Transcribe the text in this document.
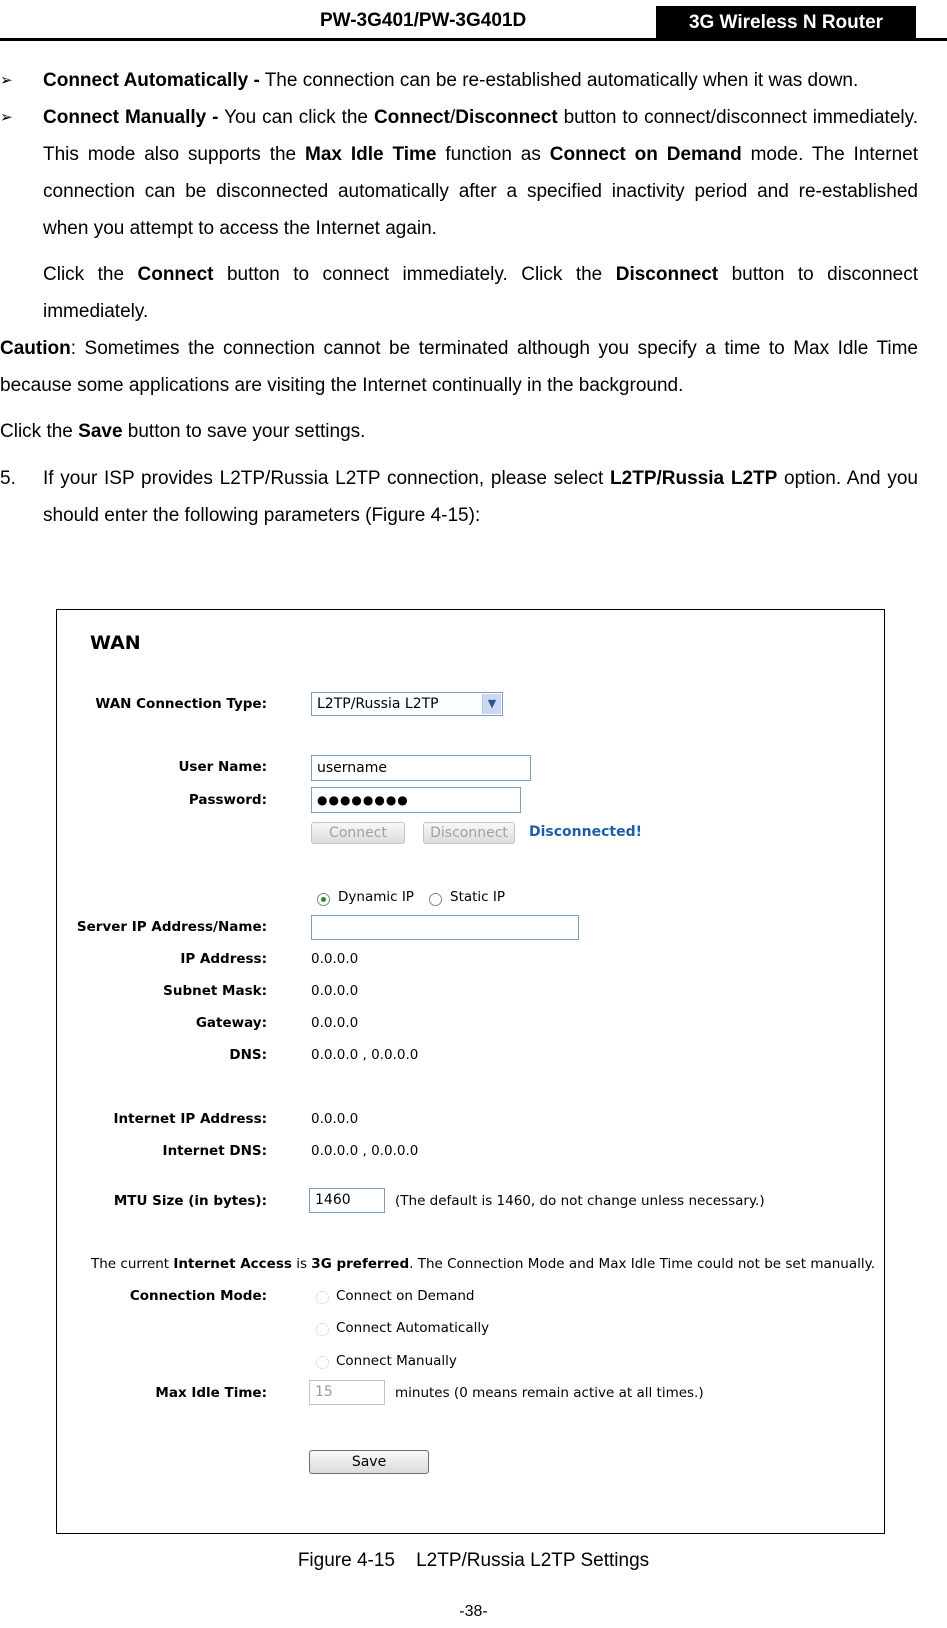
PW-3G401/PW-3G401D	3G Wireless N Router
➢ Connect Automatically - The connection can be re-established automatically when it was down.
➢ Connect Manually - You can click the Connect/Disconnect button to connect/disconnect immediately. This mode also supports the Max Idle Time function as Connect on Demand mode. The Internet connection can be disconnected automatically after a specified inactivity period and re-established when you attempt to access the Internet again.
Click the Connect button to connect immediately. Click the Disconnect button to disconnect immediately.
Caution: Sometimes the connection cannot be terminated although you specify a time to Max Idle Time because some applications are visiting the Internet continually in the background.
Click the Save button to save your settings.
5. If your ISP provides L2TP/Russia L2TP connection, please select L2TP/Russia L2TP option. And you should enter the following parameters (Figure 4-15):
WAN
WAN Connection Type:	L2TP/Russia L2TP	▼
User Name:	username
Password:	●●●●●●●●
Connect	Disconnect	Disconnected!
Dynamic IP	Static IP
Server IP Address/Name:
IP Address:	0.0.0.0
Subnet Mask:	0.0.0.0
Gateway:	0.0.0.0
DNS:	0.0.0.0 , 0.0.0.0
Internet IP Address:	0.0.0.0
Internet DNS:	0.0.0.0 , 0.0.0.0
MTU Size (in bytes):	1460	(The default is 1460, do not change unless necessary.)
The current Internet Access is 3G preferred. The Connection Mode and Max Idle Time could not be set manually.
Connection Mode:	Connect on Demand
Connect Automatically
Connect Manually
Max Idle Time:	15	minutes (0 means remain active at all times.)
Save
Figure 4-15    L2TP/Russia L2TP Settings
-38-
